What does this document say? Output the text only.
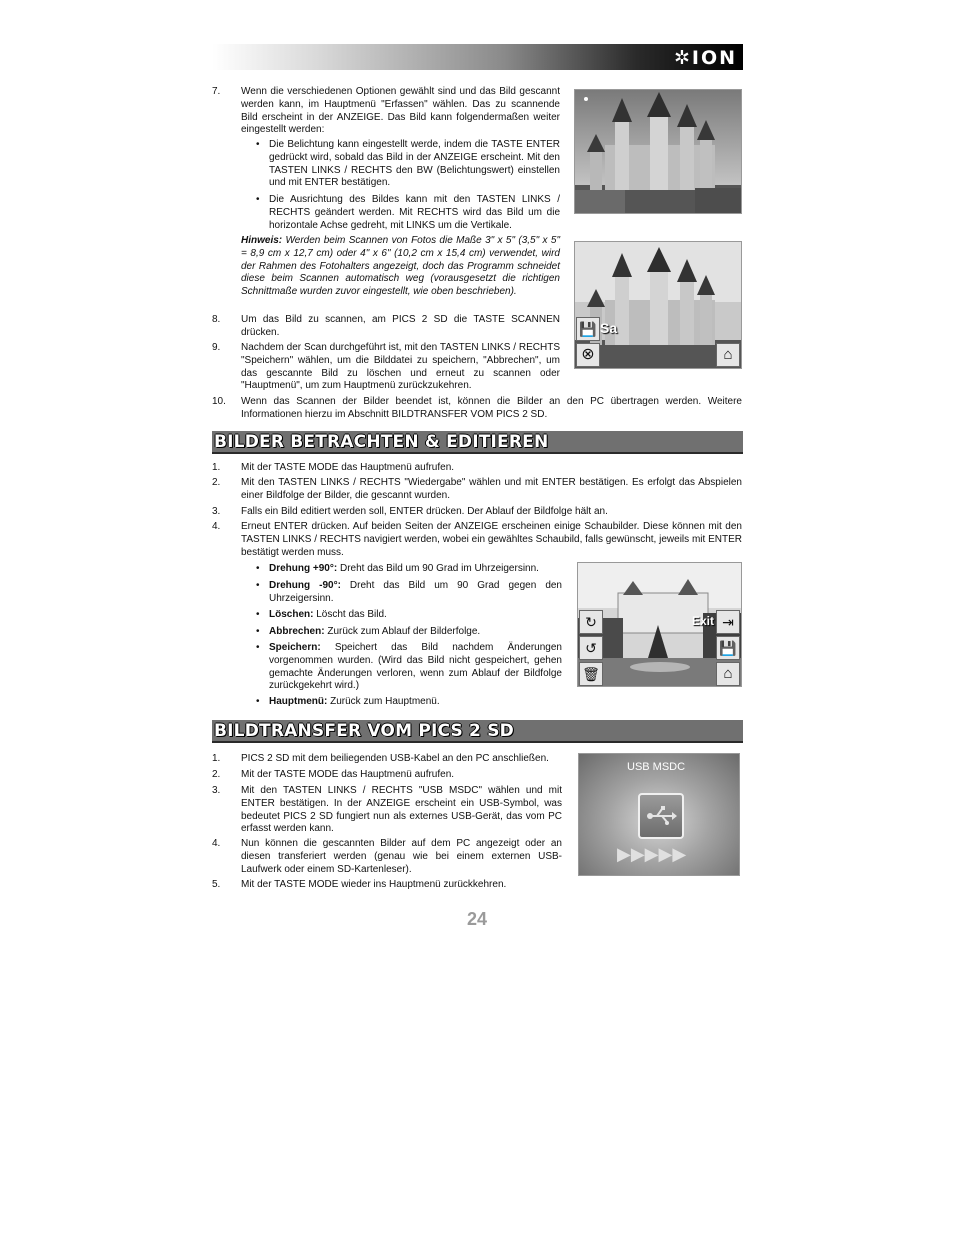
✲ION
7. Wenn die verschiedenen Optionen gewählt sind und das Bild gescannt werden kann, im Hauptmenü "Erfassen" wählen. Das zu scannende Bild erscheint in der ANZEIGE. Das Bild kann folgendermaßen weiter eingestellt werden:
• Die Belichtung kann eingestellt werde, indem die TASTE ENTER gedrückt wird, sobald das Bild in der ANZEIGE erscheint. Mit den TASTEN LINKS / RECHTS den BW (Belichtungswert) einstellen und mit ENTER bestätigen.
• Die Ausrichtung des Bildes kann mit den TASTEN LINKS / RECHTS geändert werden. Mit RECHTS wird das Bild um die horizontale Achse gedreht, mit LINKS um die Vertikale.
Hinweis: Werden beim Scannen von Fotos die Maße 3" x 5" (3,5" x 5" = 8,9 cm x 12,7 cm) oder 4" x 6" (10,2 cm x 15,4 cm) verwendet, wird der Rahmen des Fotohalters angezeigt, doch das Programm schneidet diese beim Scannen automatisch weg (vorausgesetzt die richtigen Schnittmaße wurden zuvor eingestellt, wie oben beschrieben).
8. Um das Bild zu scannen, am PICS 2 SD die TASTE SCANNEN drücken.
9. Nachdem der Scan durchgeführt ist, mit den TASTEN LINKS / RECHTS "Speichern" wählen, um die Bilddatei zu speichern, "Abbrechen", um das gescannte Bild zu löschen und erneut zu scannen oder "Hauptmenü", um zum Hauptmenü zurückzukehren.
10. Wenn das Scannen der Bilder beendet ist, können die Bilder an den PC übertragen werden. Weitere Informationen hierzu im Abschnitt BILDTRANSFER VOM PICS 2 SD.
💾 Sa
⊗	⌂
BILDER BETRACHTEN & EDITIEREN
1. Mit der TASTE MODE das Hauptmenü aufrufen.
2. Mit den TASTEN LINKS / RECHTS "Wiedergabe" wählen und mit ENTER bestätigen. Es erfolgt das Abspielen einer Bildfolge der Bilder, die gescannt wurden.
3. Falls ein Bild editiert werden soll, ENTER drücken. Der Ablauf der Bildfolge hält an.
4. Erneut ENTER drücken. Auf beiden Seiten der ANZEIGE erscheinen einige Schaubilder. Diese können mit den TASTEN LINKS / RECHTS navigiert werden, wobei ein gewähltes Schaubild, falls gewünscht, jeweils mit ENTER bestätigt werden muss.
• Drehung +90°: Dreht das Bild um 90 Grad im Uhrzeigersinn.
• Drehung -90°: Dreht das Bild um 90 Grad gegen den Uhrzeigersinn.
• Löschen: Löscht das Bild.
• Abbrechen: Zurück zum Ablauf der Bilderfolge.
• Speichern: Speichert das Bild nachdem Änderungen vorgenommen wurden. (Wird das Bild nicht gespeichert, gehen gemachte Änderungen verloren, wenn zum Ablauf der Bildfolge zurückgekehrt wird.)
• Hauptmenü: Zurück zum Hauptmenü.
↻
↺
🗑
Exit ⇥
💾
⌂
BILDTRANSFER VOM PICS 2 SD
1. PICS 2 SD mit dem beiliegenden USB-Kabel an den PC anschließen.
2. Mit der TASTE MODE das Hauptmenü aufrufen.
3. Mit den TASTEN LINKS / RECHTS "USB MSDC" wählen und mit ENTER bestätigen. In der ANZEIGE erscheint ein USB-Symbol, was bedeutet PICS 2 SD fungiert nun als externes USB-Gerät, das vom PC erfasst werden kann.
4. Nun können die gescannten Bilder auf dem PC angezeigt oder an diesen transferiert werden (genau wie bei einem externen USB-Laufwerk oder einem SD-Kartenleser).
5. Mit der TASTE MODE wieder ins Hauptmenü zurückkehren.
USB MSDC
▶▶▶▶▶
24
